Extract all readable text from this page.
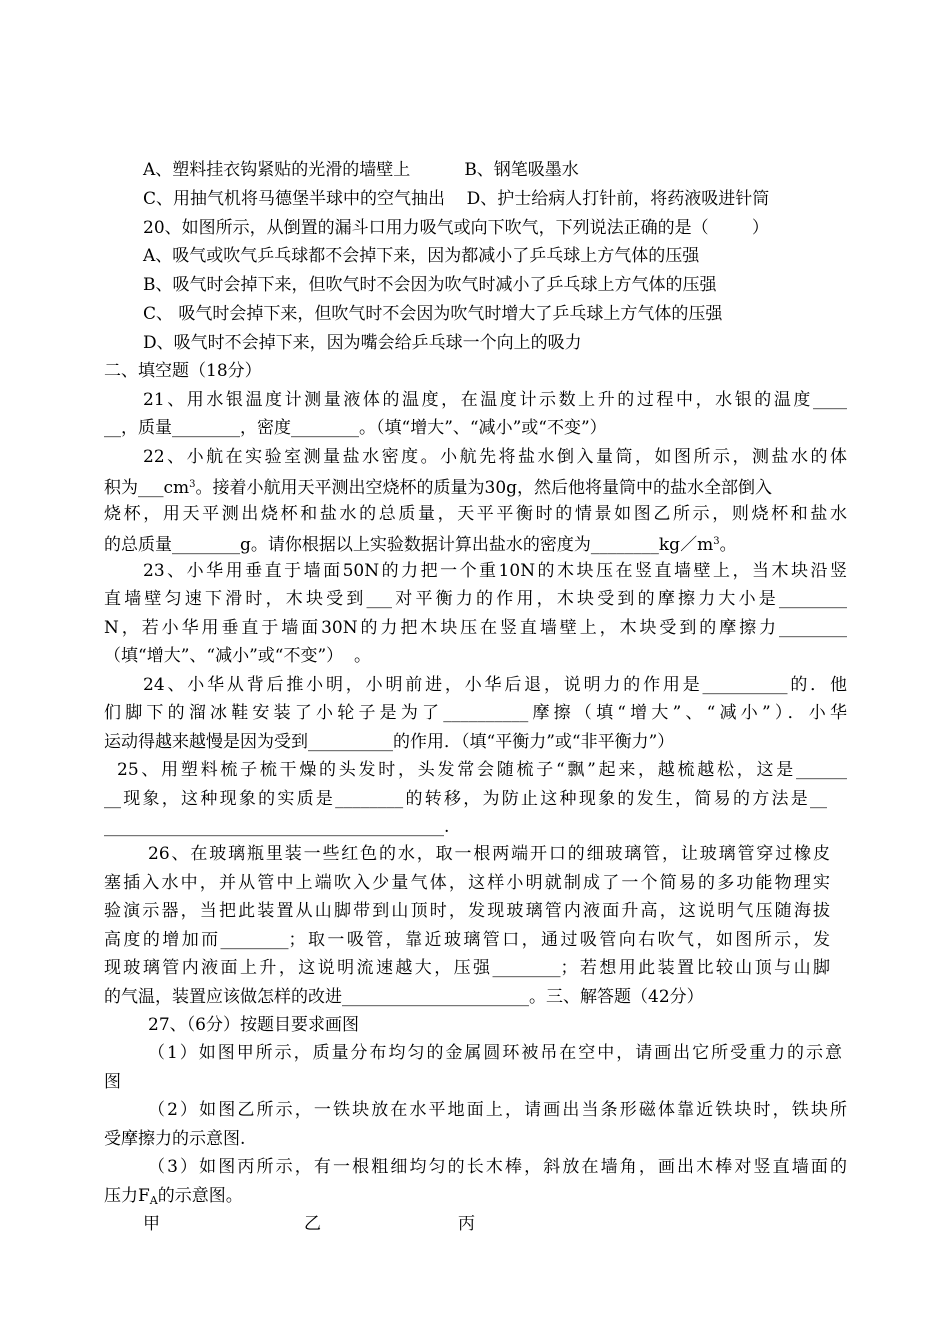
A、塑料挂衣钩紧贴的光滑的墙壁上          B、钢笔吸墨水
C、用抽气机将马德堡半球中的空气抽出    D、护士给病人打针前，将药液吸进针筒
20、如图所示，从倒置的漏斗口用力吸气或向下吹气，下列说法正确的是（        ）
A、吸气或吹气乒乓球都不会掉下来，因为都减小了乒乓球上方气体的压强
B、吸气时会掉下来，但吹气时不会因为吹气时减小了乒乓球上方气体的压强
C、 吸气时会掉下来，但吹气时不会因为吹气时增大了乒乓球上方气体的压强
D、吸气时不会掉下来，因为嘴会给乒乓球一个向上的吸力
二、填空题（18分）
21、用水银温度计测量液体的温度，在温度计示数上升的过程中，水银的温度____
__，质量________，密度________。（填“增大”、“减小”或“不变”）
22、小航在实验室测量盐水密度。小航先将盐水倒入量筒，如图所示，测盐水的体
积为$\_\_\_cm^3$。接着小航用天平测出空烧杯的质量为30g，然后他将量筒中的盐水全部倒入
烧杯，用天平测出烧杯和盐水的总质量，天平平衡时的情景如图乙所示，则烧杯和盐水
的总质量________g。请你根据以上实验数据计算出盐水的密度为$\_\_\_\_\_\_\_\_kg/m^3$。
23、小华用垂直于墙面50N的力把一个重10N的木块压在竖直墙壁上，当木块沿竖
直墙壁匀速下滑时，木块受到___对平衡力的作用，木块受到的摩擦力大小是________
N，若小华用垂直于墙面30N的力把木块压在竖直墙壁上，木块受到的摩擦力________
（填“增大”、“减小”或“不变”）  。
24、小华从背后推小明，小明前进，小华后退，说明力的作用是__________的．他
们脚下的溜冰鞋安装了小轮子是为了__________摩擦（填“增大”、“减小”）．小华
运动得越来越慢是因为受到__________的作用．（填“平衡力”或“非平衡力”）
25、用塑料梳子梳干燥的头发时，头发常会随梳子“飘”起来，越梳越松，这是______
__现象，这种现象的实质是________的转移，为防止这种现象的发生，简易的方法是__
________________________________________.
26、在玻璃瓶里装一些红色的水，取一根两端开口的细玻璃管，让玻璃管穿过橡皮
塞插入水中，并从管中上端吹入少量气体，这样小明就制成了一个简易的多功能物理实
验演示器，当把此装置从山脚带到山顶时，发现玻璃管内液面升高，这说明气压随海拔
高度的增加而________；取一吸管，靠近玻璃管口，通过吸管向右吹气，如图所示，发
现玻璃管内液面上升，这说明流速越大，压强________；若想用此装置比较山顶与山脚
的气温，装置应该做怎样的改进______________________。三、解答题（42分）
27、（6分）按题目要求画图
（1）如图甲所示，质量分布均匀的金属圆环被吊在空中，请画出它所受重力的示意
图
（2）如图乙所示，一铁块放在水平地面上，请画出当条形磁体靠近铁块时，铁块所
受摩擦力的示意图.
（3）如图丙所示，有一根粗细均匀的长木棒，斜放在墙角，画出木棒对竖直墙面的
压力$F_A$的示意图。
甲	乙	丙
